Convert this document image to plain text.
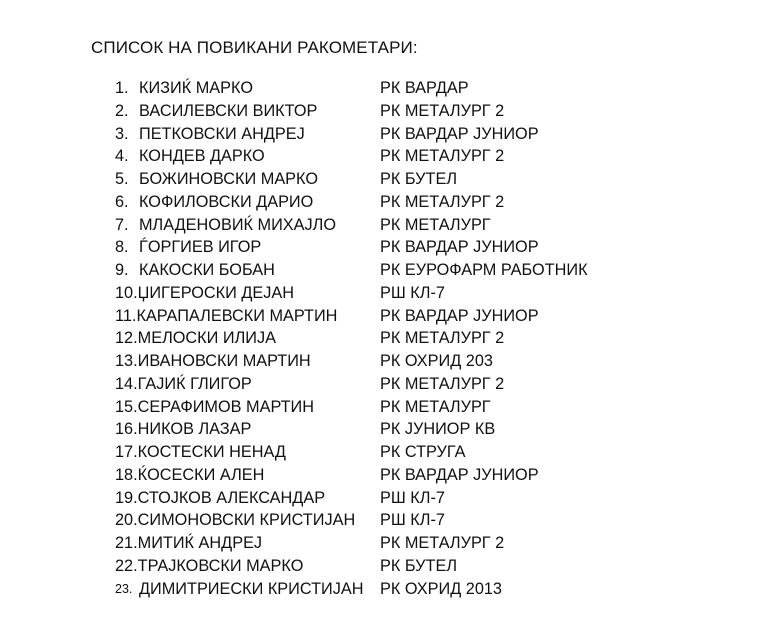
СПИСОК НА ПОВИКАНИ РАКОМЕТАРИ:
1. КИЗИЌ МАРКО	РК ВАРДАР
2. ВАСИЛЕВСКИ ВИКТОР	РК МЕТАЛУРГ 2
3. ПЕТКОВСКИ АНДРЕЈ	РК ВАРДАР ЈУНИОР
4. КОНДЕВ ДАРКО	РК МЕТАЛУРГ 2
5. БОЖИНОВСКИ МАРКО	РК БУТЕЛ
6. КОФИЛОВСКИ ДАРИО	РК МЕТАЛУРГ 2
7. МЛАДЕНОВИЌ МИХАЈЛО	РК МЕТАЛУРГ
8. ЃОРГИЕВ ИГОР	РК ВАРДАР ЈУНИОР
9. КАКОСКИ БОБАН	РК ЕУРОФАРМ РАБОТНИК
10.ЏИГЕРОСКИ ДЕЈАН	РШ КЛ-7
11.КАРАПАЛЕВСКИ МАРТИН	РК ВАРДАР ЈУНИОР
12.МЕЛОСКИ ИЛИЈА	РК МЕТАЛУРГ 2
13.ИВАНОВСКИ МАРТИН	РК ОХРИД 203
14.ГАЈИЌ ГЛИГОР	РК МЕТАЛУРГ 2
15.СЕРАФИМОВ МАРТИН	РК МЕТАЛУРГ
16.НИКОВ ЛАЗАР	РК ЈУНИОР КВ
17.КОСТЕСКИ НЕНАД	РК СТРУГА
18.ЌОСЕСКИ АЛЕН	РК ВАРДАР ЈУНИОР
19.СТОЈКОВ АЛЕКСАНДАР	РШ КЛ-7
20.СИМОНОВСКИ КРИСТИЈАН РШ КЛ-7
21.МИТИЌ АНДРЕЈ	РК МЕТАЛУРГ 2
22.ТРАЈКОВСКИ МАРКО	РК БУТЕЛ
23. ДИМИТРИЕСКИ КРИСТИЈАН РК ОХРИД 2013
